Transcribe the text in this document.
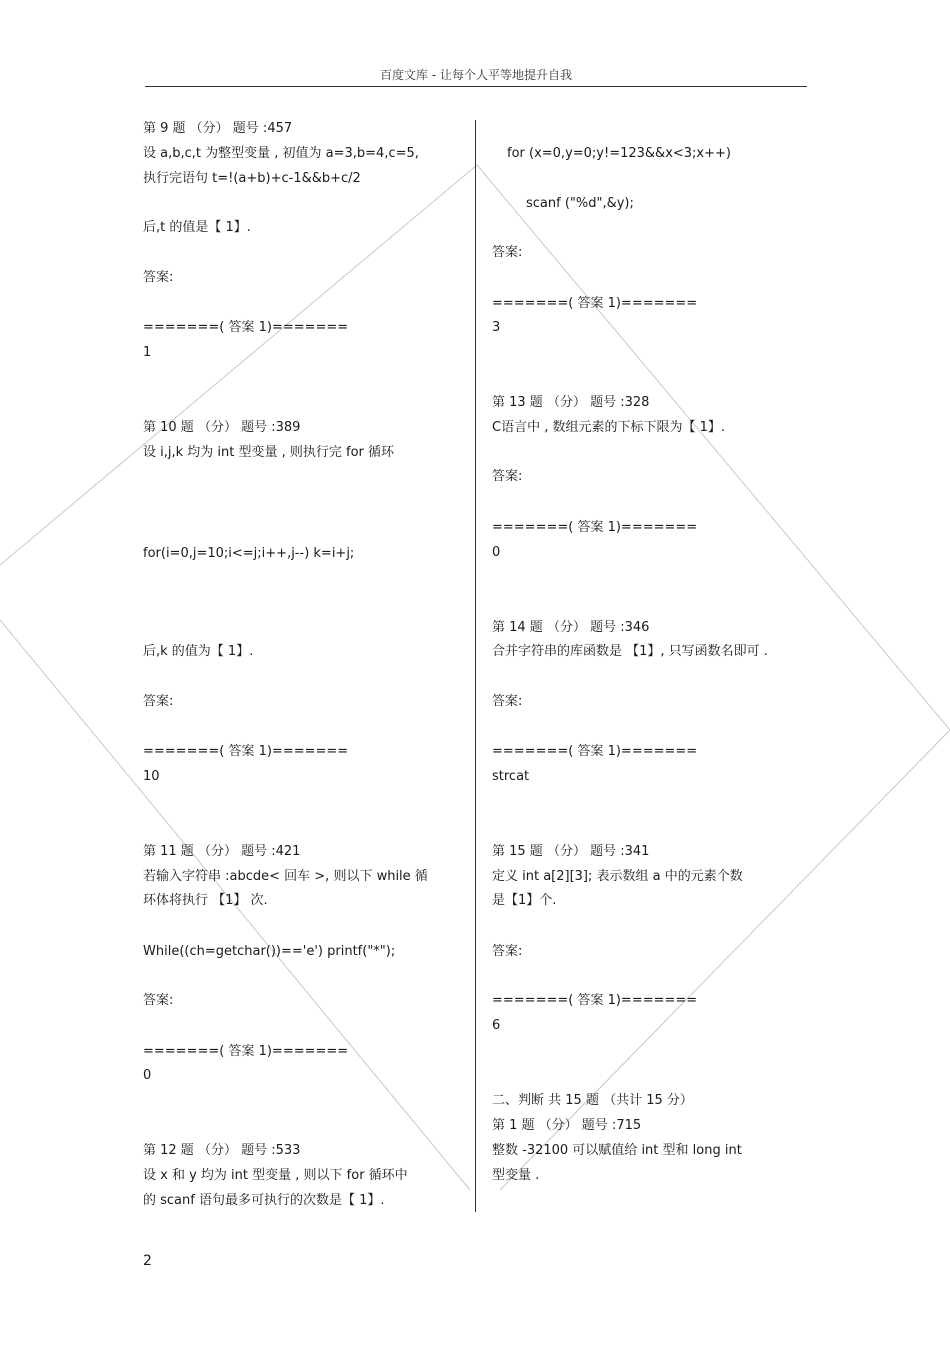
百度文库 - 让每个人平等地提升自我
第 9 题 （分） 题号 :457
设 a,b,c,t 为整型变量 , 初值为 a=3,b=4,c=5,
执行完语句 t=!(a+b)+c-1&&b+c/2
后,t 的值是【 1】.
答案:
=======( 答案 1)=======
1
第 10 题 （分） 题号 :389
设 i,j,k 均为 int 型变量 , 则执行完 for 循环
for(i=0,j=10;i<=j;i++,j--) k=i+j;
后,k 的值为【 1】.
答案:
=======( 答案 1)=======
10
第 11 题 （分） 题号 :421
若输入字符串 :abcde< 回车 >, 则以下 while 循
环体将执行 【1】 次.
While((ch=getchar())=='e') printf("*");
答案:
=======( 答案 1)=======
0
第 12 题 （分） 题号 :533
设 x 和 y 均为 int 型变量 , 则以下 for 循环中
的 scanf 语句最多可执行的次数是【 1】.
for (x=0,y=0;y!=123&&x<3;x++)
scanf ("%d",&y);
答案:
=======( 答案 1)=======
3
第 13 题 （分） 题号 :328
C语言中 , 数组元素的下标下限为【 1】.
答案:
=======( 答案 1)=======
0
第 14 题 （分） 题号 :346
合并字符串的库函数是 【1】, 只写函数名即可 .
答案:
=======( 答案 1)=======
strcat
第 15 题 （分） 题号 :341
定义 int a[2][3]; 表示数组 a 中的元素个数
是【1】个.
答案:
=======( 答案 1)=======
6
二、判断 共 15 题 （共计 15 分）
第 1 题 （分） 题号 :715
整数 -32100 可以赋值给 int 型和 long int
型变量 .
2
